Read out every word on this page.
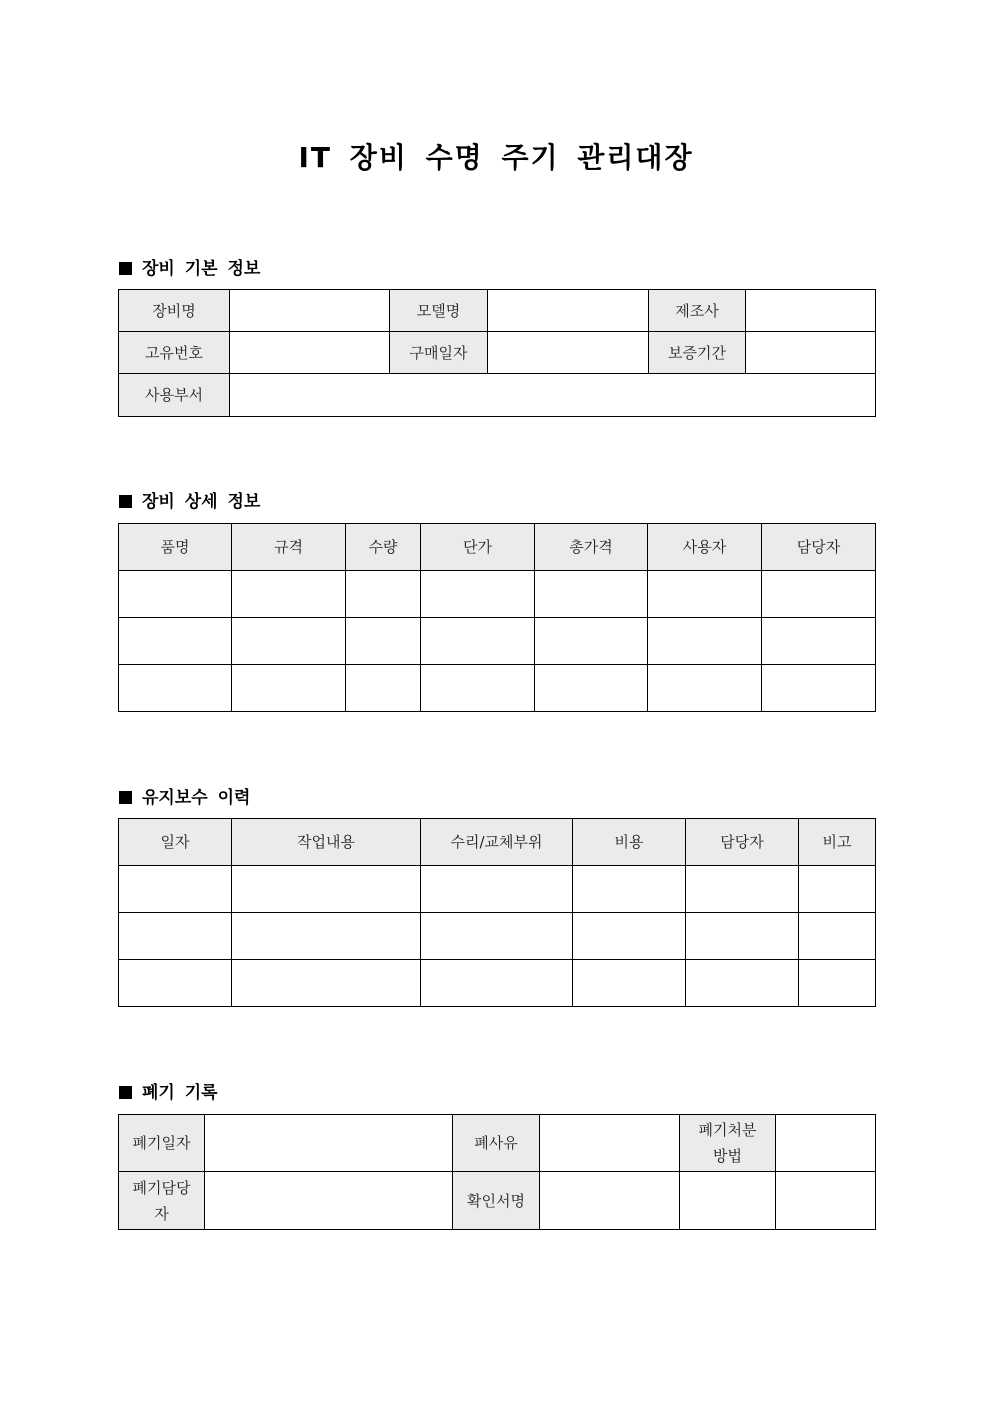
IT 장비 수명 주기 관리대장
장비 기본 정보
장비명		모델명		제조사	
고유번호		구매일자		보증기간	
사용부서					
장비 상세 정보
품명	규격	수량	단가	총가격	사용자	담당자

유지보수 이력
일자	작업내용	수리/교체부위	비용	담당자	비고

폐기 기록
폐기일자		폐사유		폐기처분 방법	
폐기담당자		확인서명			
